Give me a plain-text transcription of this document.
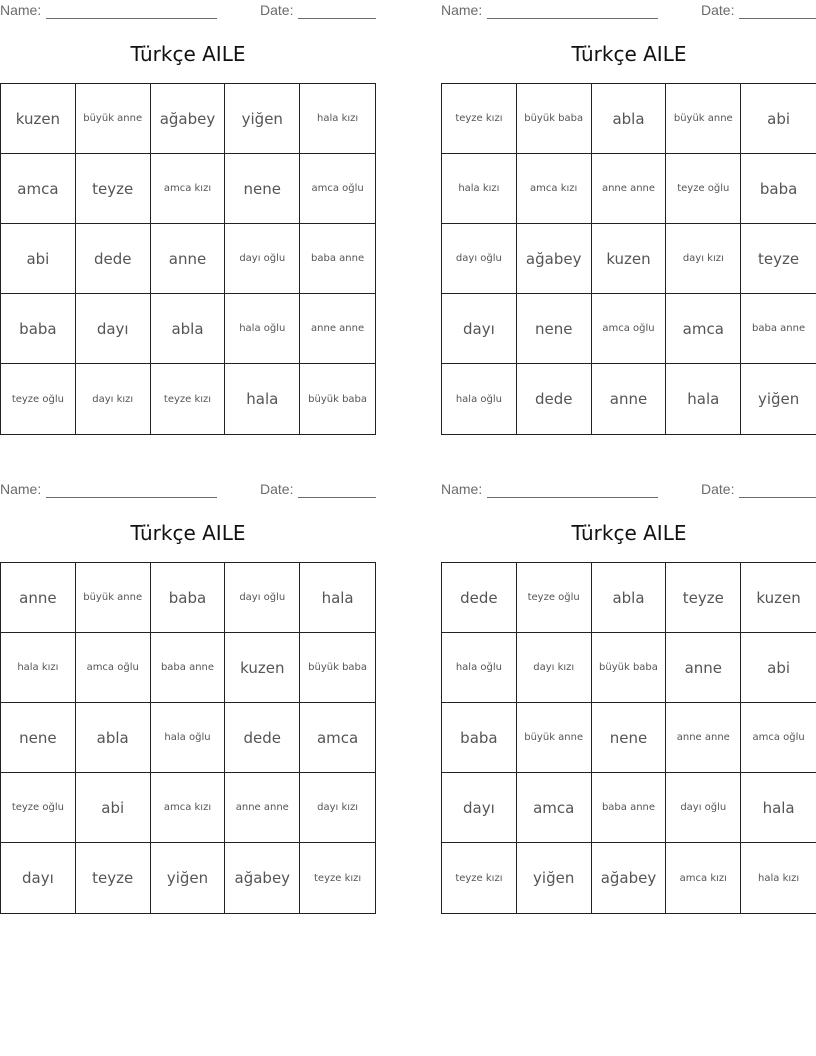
Name:	Date:
Türkçe AILE
kuzen	büyük anne	ağabey	yiğen	hala kızı
amca	teyze	amca kızı	nene	amca oğlu
abi	dede	anne	dayı oğlu	baba anne
baba	dayı	abla	hala oğlu	anne anne
teyze oğlu	dayı kızı	teyze kızı	hala	büyük baba
Name:	Date:
Türkçe AILE
teyze kızı	büyük baba	abla	büyük anne	abi
hala kızı	amca kızı	anne anne	teyze oğlu	baba
dayı oğlu	ağabey	kuzen	dayı kızı	teyze
dayı	nene	amca oğlu	amca	baba anne
hala oğlu	dede	anne	hala	yiğen
Name:	Date:
Türkçe AILE
anne	büyük anne	baba	dayı oğlu	hala
hala kızı	amca oğlu	baba anne	kuzen	büyük baba
nene	abla	hala oğlu	dede	amca
teyze oğlu	abi	amca kızı	anne anne	dayı kızı
dayı	teyze	yiğen	ağabey	teyze kızı
Name:	Date:
Türkçe AILE
dede	teyze oğlu	abla	teyze	kuzen
hala oğlu	dayı kızı	büyük baba	anne	abi
baba	büyük anne	nene	anne anne	amca oğlu
dayı	amca	baba anne	dayı oğlu	hala
teyze kızı	yiğen	ağabey	amca kızı	hala kızı
